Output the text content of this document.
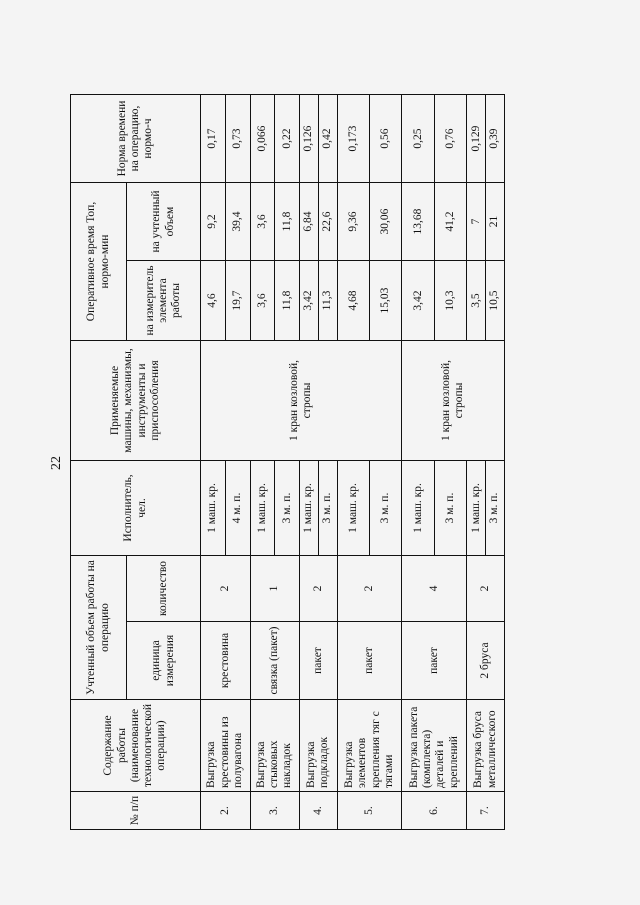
22
№ п/п	Содержание работы (наименование технологической операции)	Учтенный объем работы на операцию		Исполнитель, чел.	Применяемые машины, механизмы, инструменты и приспособления	Оперативное время Топ, нормо-мин		Норма времени на операцию, нормо-ч
		единица измерения	количество			на измеритель элемента работы	на учтенный объем	
2.	Выгрузка крестовины из полувагона	крестовина	2	1 маш. кр.	1 кран козловой, стропы	4,6	9,2	0,17
				4 м. п.		19,7	39,4	0,73
3.	Выгрузка стыковых накладок	связка (пакет)	1	1 маш. кр.		3,6	3,6	0,066
				3 м. п.		11,8	11,8	0,22
4.	Выгрузка подкладок	пакет	2	1 маш. кр.		3,42	6,84	0,126
				3 м. п.		11,3	22,6	0,42
5.	Выгрузка элементов крепления тяг с тягами	пакет	2	1 маш. кр.		4,68	9,36	0,173
				3 м. п.		15,03	30,06	0,56
6.	Выгрузка пакета (комплекта) деталей и креплений	пакет	4	1 маш. кр.	1 кран козловой, стропы	3,42	13,68	0,25
				3 м. п.		10,3	41,2	0,76
7.	Выгрузка бруса металлического	2 бруса	2	1 маш. кр.		3,5	7	0,129
				3 м. п.		10,5	21	0,39
